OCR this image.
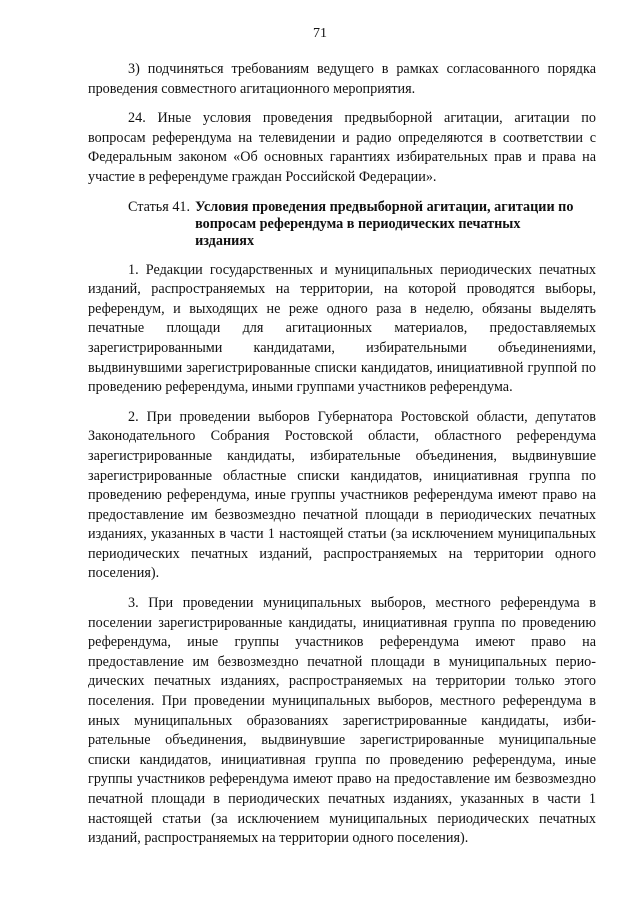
71

3) подчиняться требованиям ведущего в рамках согласованного порядка проведения совместного агитационного мероприятия.

24. Иные условия проведения предвыборной агитации, агитации по вопросам референдума на телевидении и радио определяются в соответствии с Федеральным законом «Об основных гарантиях избирательных прав и права на участие в референдуме граждан Российской Федерации».

Статья 41. Условия проведения предвыборной агитации, агитации по вопросам референдума в периодических печатных изданиях

1. Редакции государственных и муниципальных периодических печатных изданий, распространяемых на территории, на которой проводятся выборы, референдум, и выходящих не реже одного раза в неделю, обязаны выделять печатные площади для агитационных материалов, предоставляемых зарегистрированными кандидатами, избирательными объединениями, выдвинувшими зарегистрированные списки кандидатов, инициативной группой по проведению референдума, иными группами участников референдума.

2. При проведении выборов Губернатора Ростовской области, депутатов Законодательного Собрания Ростовской области, областного референдума зарегистрированные кандидаты, избирательные объединения, выдвинувшие зарегистрированные областные списки кандидатов, инициативная группа по проведению референдума, иные группы участников референдума имеют право на предоставление им безвозмездно печатной площади в периодических печатных изданиях, указанных в части 1 настоящей статьи (за исключением муниципальных периодических печатных изданий, распространяемых на территории одного поселения).

3. При проведении муниципальных выборов, местного референдума в поселении зарегистрированные кандидаты, инициативная группа по проведению референдума, иные группы участников референдума имеют право на предоставление им безвозмездно печатной площади в муниципальных периодических печатных изданиях, распространяемых на территории только этого поселения. При проведении муниципальных выборов, местного референдума в иных муниципальных образованиях зарегистрированные кандидаты, избирательные объединения, выдвинувшие зарегистрированные муниципальные списки кандидатов, инициативная группа по проведению референдума, иные группы участников референдума имеют право на предоставление им безвозмездно печатной площади в периодических печатных изданиях, указанных в части 1 настоящей статьи (за исключением муниципальных периодических печатных изданий, распространяемых на территории одного поселения).
